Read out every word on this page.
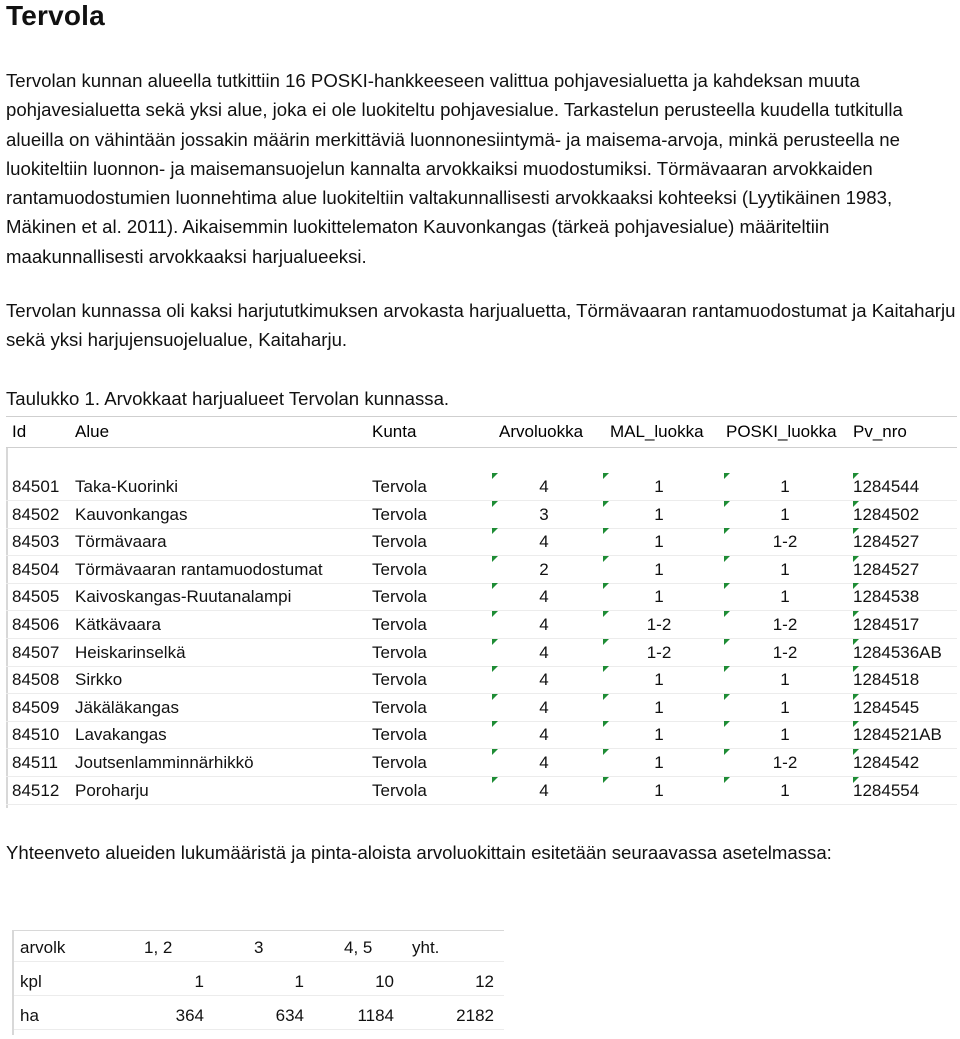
Tervola

Tervolan kunnan alueella tutkittiin 16 POSKI-hankkeeseen valittua pohjavesialuetta ja kahdeksan muuta pohjavesialuetta sekä yksi alue, joka ei ole luokiteltu pohjavesialue. Tarkastelun perusteella kuudella tutkitulla alueilla on vähintään jossakin määrin merkittäviä luonnonesiintymä- ja maisema-arvoja, minkä perusteella ne luokiteltiin luonnon- ja maisemansuojelun kannalta arvokkaiksi muodostumiksi. Törmävaaran arvokkaiden rantamuodostumien luonnehtima alue luokiteltiin valtakunnallisesti arvokkaaksi kohteeksi (Lyytikäinen 1983, Mäkinen et al. 2011). Aikaisemmin luokittelematon Kauvonkangas (tärkeä pohjavesialue) määriteltiin maakunnallisesti arvokkaaksi harjualueeksi.

Tervolan kunnassa oli kaksi harjututkimuksen arvokasta harjualuetta, Törmävaaran rantamuodostumat ja Kaitaharju sekä yksi harjujensuojelualue, Kaitaharju.

Taulukko 1. Arvokkaat harjualueet Tervolan kunnassa.
Id	Alue	Kunta	Arvoluokka MAL_luokka POSKI_luokka Pv_nro
84501 Taka-Kuorinki	Tervola	4	1	1	1284544
84502 Kauvonkangas	Tervola	3	1	1	1284502
84503 Törmävaara	Tervola	4	1	1-2	1284527
84504 Törmävaaran rantamuodostumat	Tervola	2	1	1	1284527
84505 Kaivoskangas-Ruutanalampi	Tervola	4	1	1	1284538
84506 Kätkävaara	Tervola	4	1-2	1-2	1284517
84507 Heiskarinselkä	Tervola	4	1-2	1-2	1284536AB
84508 Sirkko	Tervola	4	1	1	1284518
84509 Jäkäläkangas	Tervola	4	1	1	1284545
84510 Lavakangas	Tervola	4	1	1	1284521AB
84511 Joutsenlamminnärhikkö	Tervola	4	1	1-2	1284542
84512 Poroharju	Tervola	4	1	1	1284554
Yhteenveto alueiden lukumääristä ja pinta-aloista arvoluokittain esitetään seuraavassa asetelmassa:
arvolk	1, 2	3	4, 5 yht.
kpl	1	1	10	12
ha	364	634	1184	2182
